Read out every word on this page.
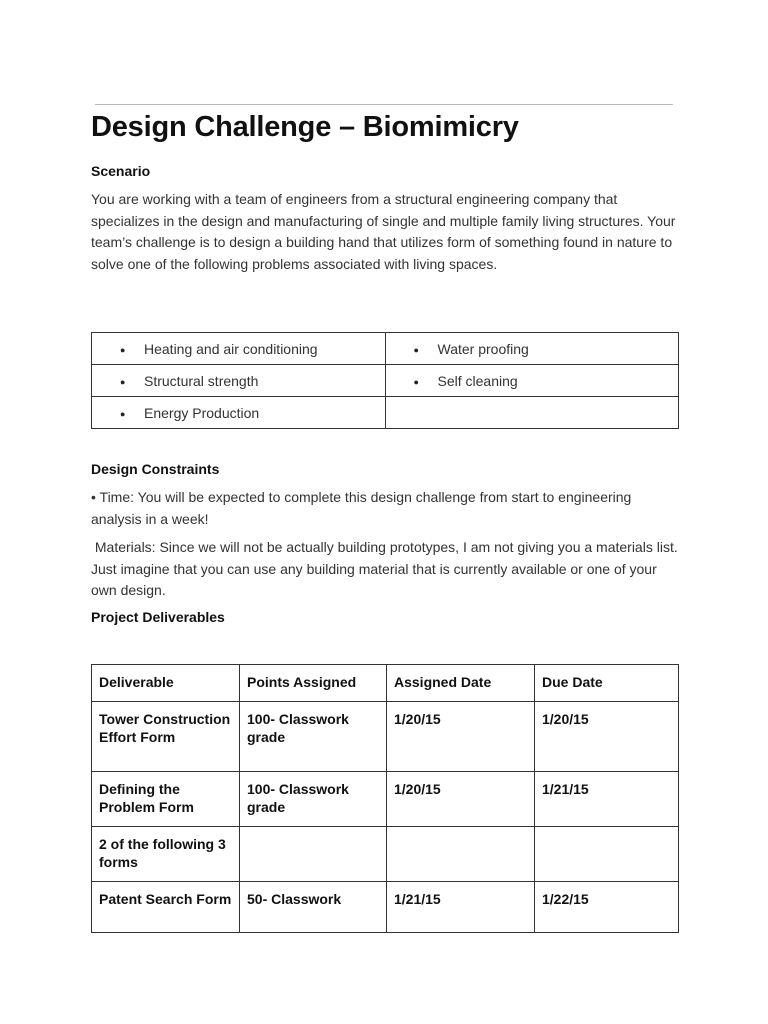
Design Challenge – Biomimicry

Scenario

You are working with a team of engineers from a structural engineering company that specializes in the design and manufacturing of single and multiple family living structures. Your team’s challenge is to design a building hand that utilizes form of something found in nature to solve one of the following problems associated with living spaces.

● Heating and air conditioning	● Water proofing
● Structural strength	● Self cleaning
● Energy Production	

Design Constraints

• Time: You will be expected to complete this design challenge from start to engineering analysis in a week!

Materials: Since we will not be actually building prototypes, I am not giving you a materials list.  Just imagine that you can use any building material that is currently available or one of your own design.

Project Deliverables

Deliverable	Points Assigned	Assigned Date	Due Date
Tower Construction Effort Form	100- Classwork grade	1/20/15	1/20/15
Defining the Problem Form	100- Classwork grade	1/20/15	1/21/15
2 of the following 3 forms			
Patent Search Form	50- Classwork	1/21/15	1/22/15
